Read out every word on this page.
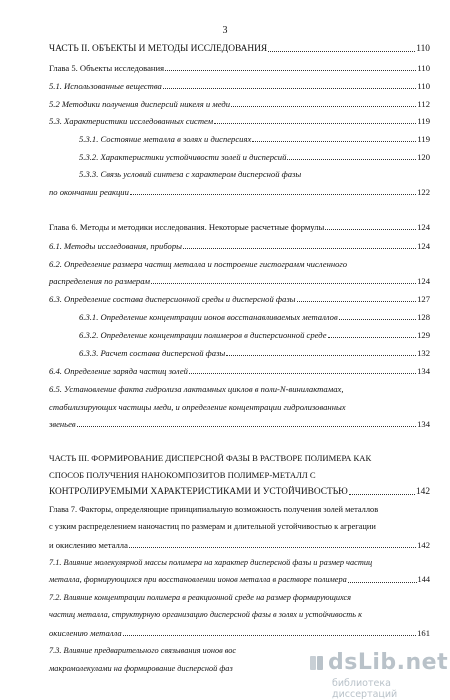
3
ЧАСТЬ II. ОБЪЕКТЫ И МЕТОДЫ ИССЛЕДОВАНИЯ	110
Глава 5. Объекты исследования	110
5.1. Использованные вещества	110
5.2 Методики получения дисперсий никеля и меди	112
5.3. Характеристики исследованных систем	119
5.3.1. Состояние металла в золях и дисперсиях	119
5.3.2. Характеристики устойчивости золей и дисперсий	120
5.3.3. Связь условий синтеза с характером дисперсной фазы
по окончании реакции	122
Глава 6. Методы и методики исследования. Некоторые расчетные формулы	124
6.1. Методы исследования, приборы	124
6.2. Определение размера частиц металла и построение гистограмм численного
распределения по размерам	124
6.3. Определение состава дисперсионной среды и дисперсной фазы	127
6.3.1. Определение концентрации ионов восстанавливаемых металлов	128
6.3.2. Определение концентрации полимеров в дисперсионной среде	129
6.3.3. Расчет состава дисперсной фазы	132
6.4. Определение заряда частиц золей	134
6.5. Установление факта гидролиза лактамных циклов в поли-N-винилактамах,
стабилизирующих частицы меди, и определение концентрации гидролизованных
звеньев	134
ЧАСТЬ III. ФОРМИРОВАНИЕ ДИСПЕРСНОЙ ФАЗЫ В РАСТВОРЕ ПОЛИМЕРА КАК
СПОСОБ ПОЛУЧЕНИЯ НАНОКОМПОЗИТОВ ПОЛИМЕР-МЕТАЛЛ С
КОНТРОЛИРУЕМЫМИ ХАРАКТЕРИСТИКАМИ И УСТОЙЧИВОСТЬЮ	142
Глава 7. Факторы, определяющие принципиальную возможность получения золей металлов
с узким распределением наночастиц по размерам и длительной устойчивостью к агрегации
и окислению металла	142
7.1. Влияние молекулярной массы полимера на характер дисперсной фазы и размер частиц
металла, формирующихся при восстановлении ионов металла в растворе полимера	144
7.2. Влияние концентрации полимера в реакционной среде на размер формирующихся
частиц металла, структурную организацию дисперсной фазы в золях и устойчивость к
окислению металла	161
7.3. Влияние предварительного связывания ионов вос
макромолекулами на формирование дисперсной фаз	dsLib.net
библиотека диссертаций
